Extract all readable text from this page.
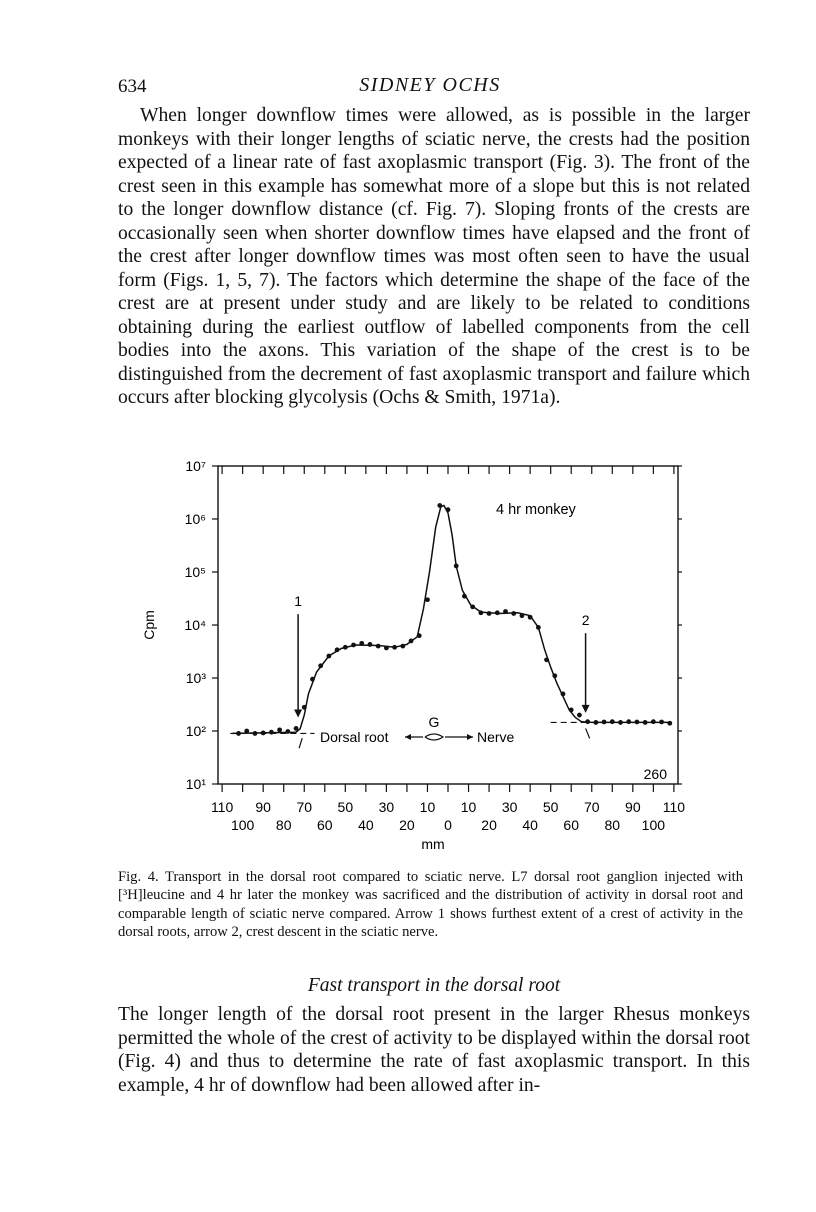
634	SIDNEY OCHS

When longer downflow times were allowed, as is possible in the larger monkeys with their longer lengths of sciatic nerve, the crests had the position expected of a linear rate of fast axoplasmic transport (Fig. 3). The front of the crest seen in this example has somewhat more of a slope but this is not related to the longer downflow distance (cf. Fig. 7). Sloping fronts of the crests are occasionally seen when shorter downflow times have elapsed and the front of the crest after longer downflow times was most often seen to have the usual form (Figs. 1, 5, 7). The factors which determine the shape of the face of the crest are at present under study and are likely to be related to conditions obtaining during the earliest outflow of labelled components from the cell bodies into the axons. This variation of the shape of the crest is to be distinguished from the decrement of fast axoplasmic transport and failure which occurs after blocking glycolysis (Ochs & Smith, 1971a).

10¹
10²
10³
10⁴
10⁵
10⁶
10⁷
110 90 70 50 30 10 10 30 50 70 90 110
100 80 60 40 20 0 20 40 60 80 100
1
2
Cpm
mm
4 hr monkey
260
G
Dorsal root	Nerve

Fig. 4. Transport in the dorsal root compared to sciatic nerve. L7 dorsal root ganglion injected with [³H]leucine and 4 hr later the monkey was sacrificed and the distribution of activity in dorsal root and comparable length of sciatic nerve compared. Arrow 1 shows furthest extent of a crest of activity in the dorsal roots, arrow 2, crest descent in the sciatic nerve.

Fast transport in the dorsal root

The longer length of the dorsal root present in the larger Rhesus monkeys permitted the whole of the crest of activity to be displayed within the dorsal root (Fig. 4) and thus to determine the rate of fast axoplasmic transport. In this example, 4 hr of downflow had been allowed after in-
